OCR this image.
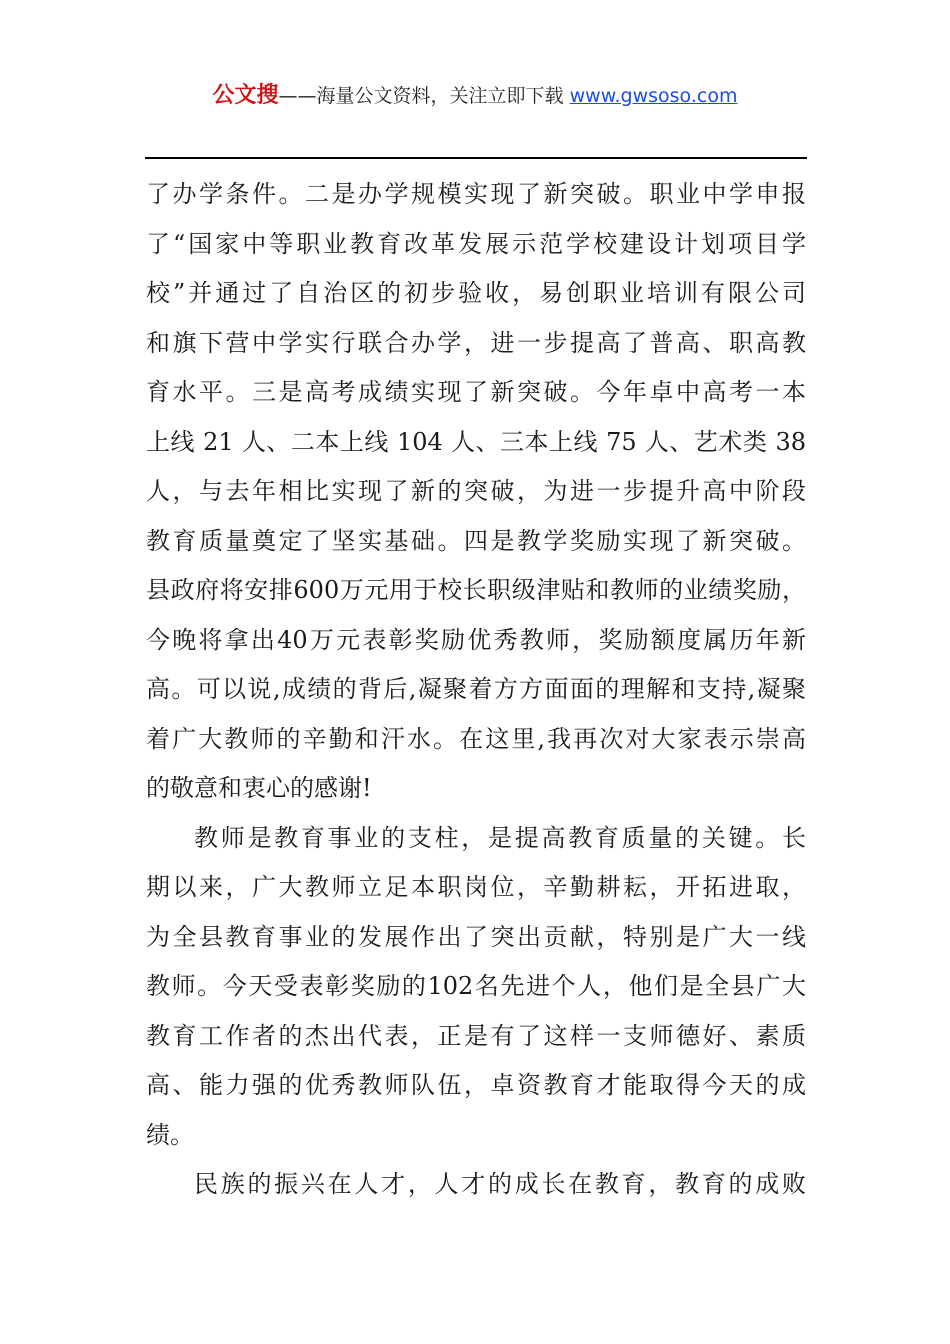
公文搜——海量公文资料，关注立即下载 www.gwsoso.com
了办学条件。二是办学规模实现了新突破。职业中学申报
了“国家中等职业教育改革发展示范学校建设计划项目学
校”并通过了自治区的初步验收，易创职业培训有限公司
和旗下营中学实行联合办学，进一步提高了普高、职高教
育水平。三是高考成绩实现了新突破。今年卓中高考一本
上线 21 人、二本上线 104 人、三本上线 75 人、艺术类 38
人，与去年相比实现了新的突破，为进一步提升高中阶段
教育质量奠定了坚实基础。四是教学奖励实现了新突破。
县政府将安排600万元用于校长职级津贴和教师的业绩奖励，
今晚将拿出40万元表彰奖励优秀教师，奖励额度属历年新
高。可以说,成绩的背后,凝聚着方方面面的理解和支持,凝聚
着广大教师的辛勤和汗水。在这里,我再次对大家表示崇高
的敬意和衷心的感谢!
教师是教育事业的支柱，是提高教育质量的关键。长
期以来，广大教师立足本职岗位，辛勤耕耘，开拓进取，
为全县教育事业的发展作出了突出贡献，特别是广大一线
教师。今天受表彰奖励的102名先进个人，他们是全县广大
教育工作者的杰出代表，正是有了这样一支师德好、素质
高、能力强的优秀教师队伍，卓资教育才能取得今天的成
绩。
民族的振兴在人才，人才的成长在教育，教育的成败
